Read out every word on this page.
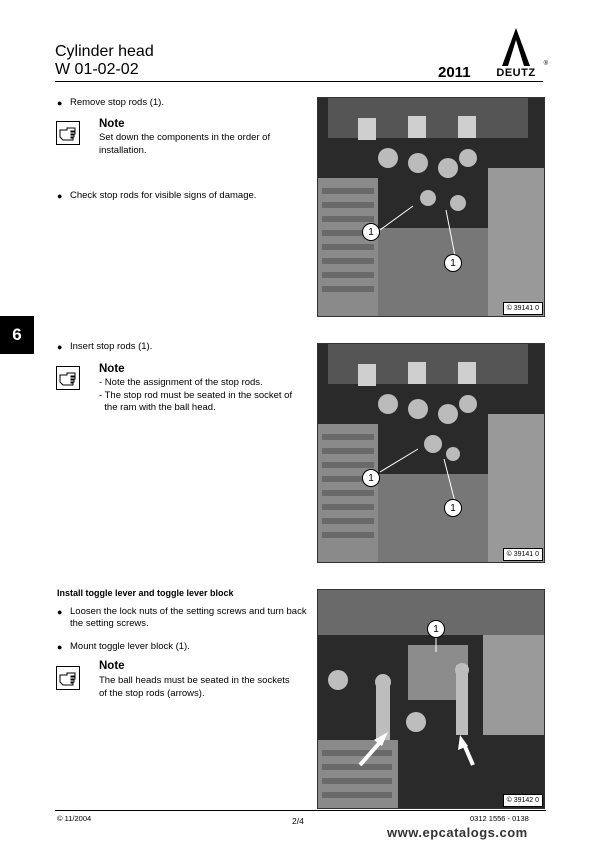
Cylinder head
W 01-02-02	2011	DEUTZ
®
6
● Remove stop rods (1).
Note
Set down the components in the order of
installation.
● Check stop rods for visible signs of damage.
1
1
© 39141 0
● Insert stop rods (1).
Note
- Note the assignment of the stop rods.
- The stop rod must be seated in the socket of
the ram with the ball head.
1
1
© 39141 0
Install toggle lever and toggle lever block
● Loosen the lock nuts of the setting screws and turn back the setting screws.
● Mount toggle lever block (1).
Note
The ball heads must be seated in the sockets
of the stop rods (arrows).
1
© 39142 0
© 11/2004	2/4	0312 1556 - 0138
www.epcatalogs.com
